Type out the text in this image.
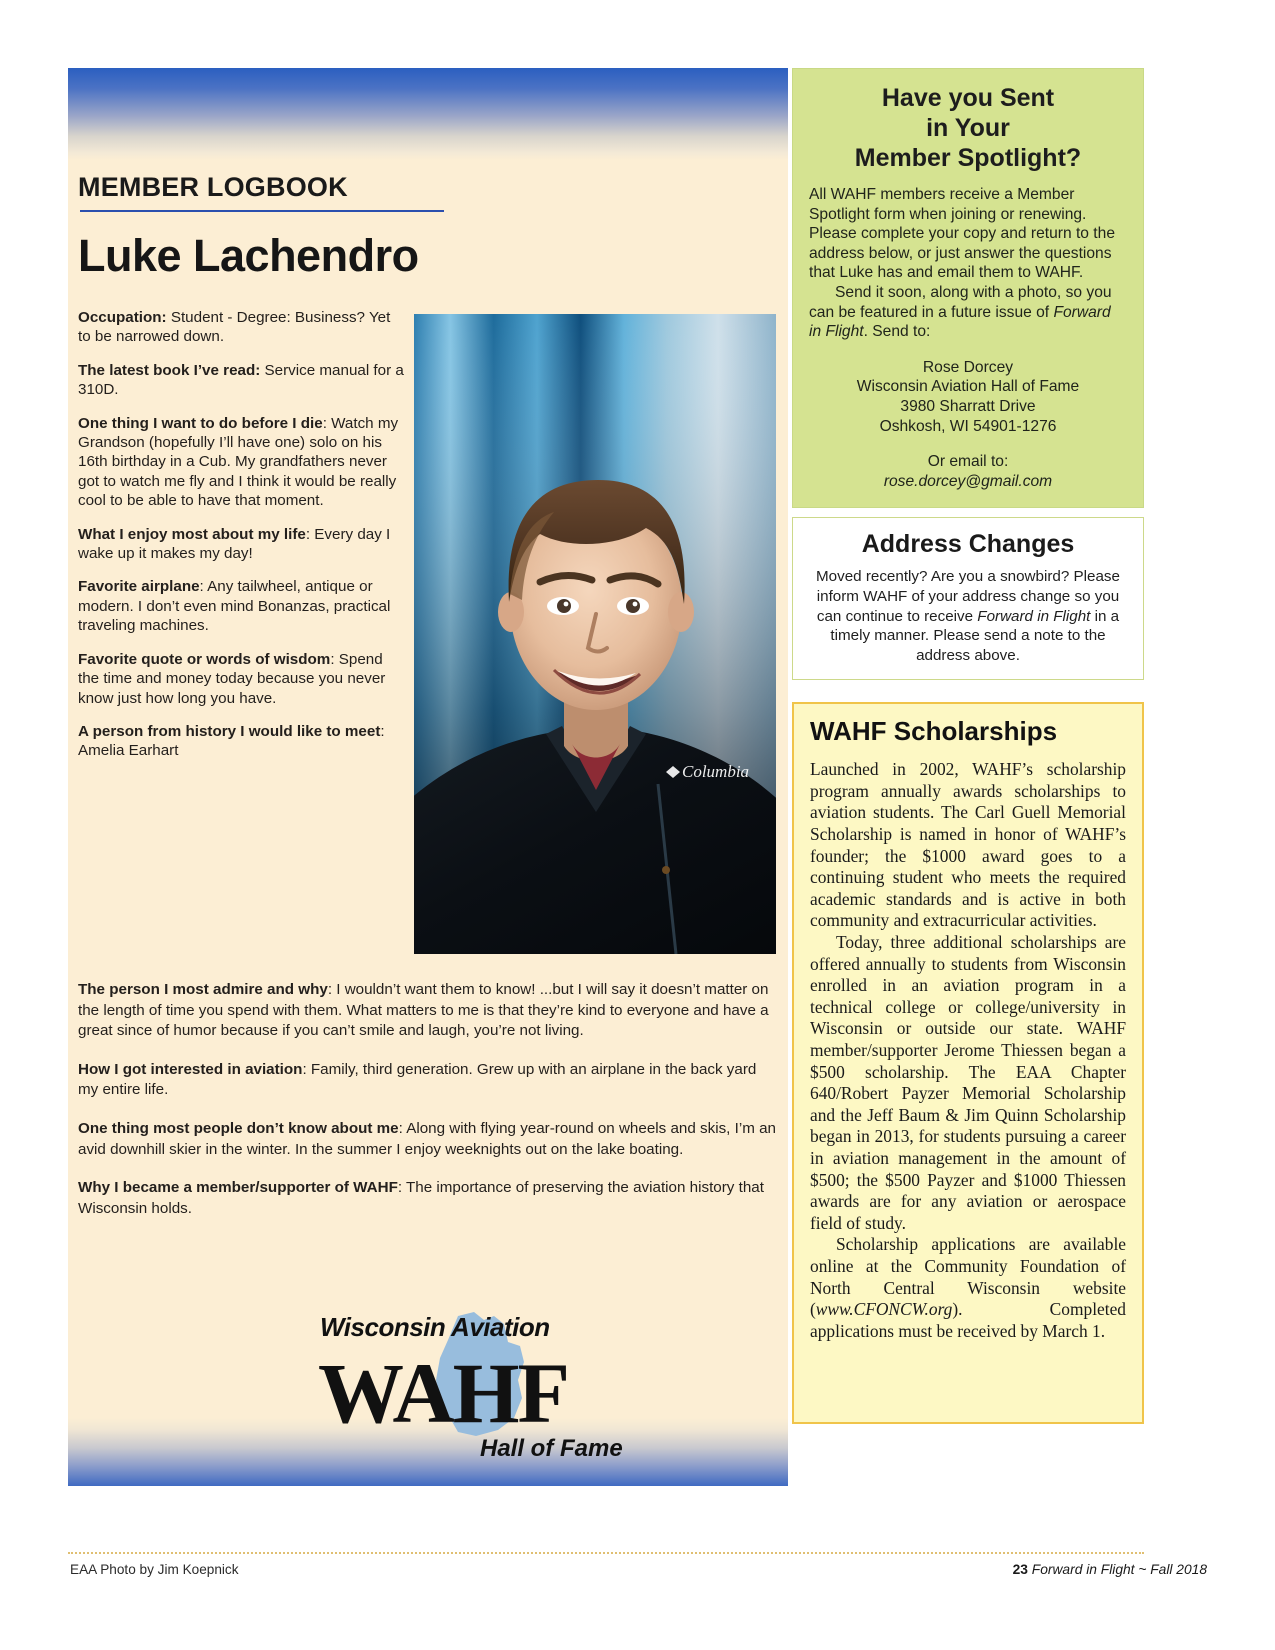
MEMBER LOGBOOK
Luke Lachendro
Columbia

Occupation: Student - Degree: Business? Yet to be narrowed down.

The latest book I’ve read: Service manual for a 310D.

One thing I want to do before I die: Watch my Grandson (hopefully I’ll have one) solo on his 16th birthday in a Cub. My grandfathers never got to watch me fly and I think it would be really cool to be able to have that moment.

What I enjoy most about my life: Every day I wake up it makes my day!

Favorite airplane: Any tailwheel, antique or modern. I don’t even mind Bonanzas, practical traveling machines.

Favorite quote or words of wisdom: Spend the time and money today because you never know just how long you have.

A person from history I would like to meet: Amelia Earhart

The person I most admire and why: I wouldn’t want them to know! ...but I will say it doesn’t matter on the length of time you spend with them. What matters to me is that they’re kind to everyone and have a great since of humor because if you can’t smile and laugh, you’re not living.

How I got interested in aviation: Family, third generation. Grew up with an airplane in the back yard my entire life.

One thing most people don’t know about me: Along with flying year-round on wheels and skis, I’m an avid downhill skier in the winter. In the summer I enjoy weeknights out on the lake boating.

Why I became a member/supporter of WAHF: The importance of preserving the aviation history that Wisconsin holds.

Wisconsin Aviation
WAHF
Hall of Fame
Have you Sent
in Your
Member Spotlight?

All WAHF members receive a Member Spotlight form when joining or renewing. Please complete your copy and return to the address below, or just answer the questions that Luke has and email them to WAHF.

Send it soon, along with a photo, so you can be featured in a future issue of Forward in Flight. Send to:

Rose Dorcey
Wisconsin Aviation Hall of Fame
3980 Sharratt Drive
Oshkosh, WI 54901-1276

Or email to:
rose.dorcey@gmail.com

Address Changes

Moved recently? Are you a snowbird? Please inform WAHF of your address change so you can continue to receive Forward in Flight in a timely manner. Please send a note to the address above.

WAHF Scholarships

Launched in 2002, WAHF’s scholarship program annually awards scholarships to aviation students. The Carl Guell Memorial Scholarship is named in honor of WAHF’s founder; the $1000 award goes to a continuing student who meets the required academic standards and is active in both community and extracurricular activities.

Today, three additional scholarships are offered annually to students from Wisconsin enrolled in an aviation program in a technical college or college/university in Wisconsin or outside our state. WAHF member/supporter Jerome Thiessen began a $500 scholarship. The EAA Chapter 640/Robert Payzer Memorial Scholarship and the Jeff Baum & Jim Quinn Scholarship began in 2013, for students pursuing a career in aviation management in the amount of $500; the $500 Payzer and $1000 Thiessen awards are for any aviation or aerospace field of study.

Scholarship applications are available online at the Community Foundation of North Central Wisconsin website (www.CFONCW.org). Completed applications must be received by March 1.

EAA Photo by Jim Koepnick	23 Forward in Flight ~ Fall 2018
